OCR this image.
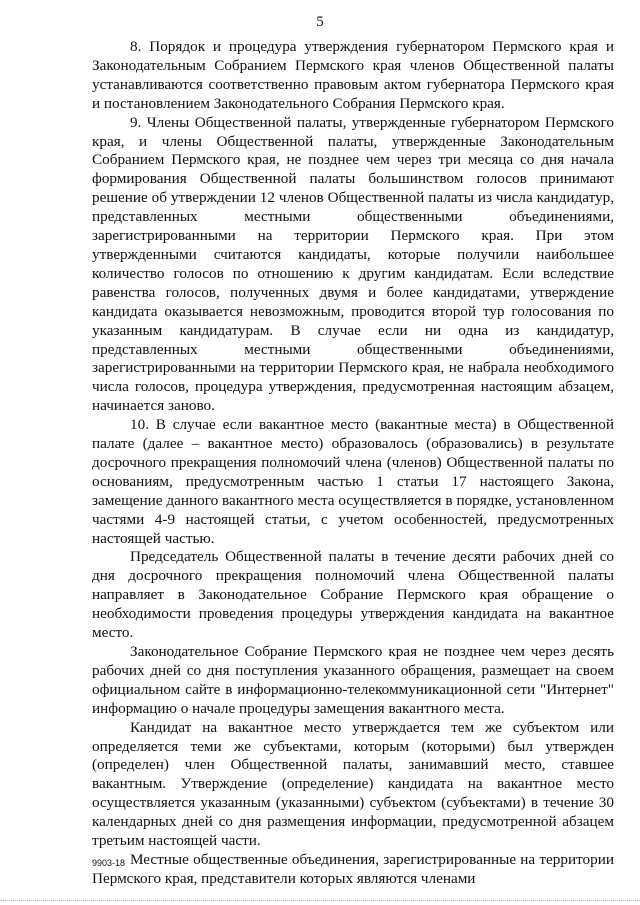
5

8. Порядок и процедура утверждения губернатором Пермского края и Законодательным Собранием Пермского края членов Общественной палаты устанавливаются соответственно правовым актом губернатора Пермского края и постановлением Законодательного Собрания Пермского края.

9. Члены Общественной палаты, утвержденные губернатором Пермского края, и члены Общественной палаты, утвержденные Законодательным Собранием Пермского края, не позднее чем через три месяца со дня начала формирования Общественной палаты большинством голосов принимают решение об утверждении 12 членов Общественной палаты из числа кандидатур, представленных местными общественными объединениями, зарегистрированными на территории Пермского края. При этом утвержденными считаются кандидаты, которые получили наибольшее количество голосов по отношению к другим кандидатам. Если вследствие равенства голосов, полученных двумя и более кандидатами, утверждение кандидата оказывается невозможным, проводится второй тур голосования по указанным кандидатурам. В случае если ни одна из кандидатур, представленных местными общественными объединениями, зарегистрированными на территории Пермского края, не набрала необходимого числа голосов, процедура утверждения, предусмотренная настоящим абзацем, начинается заново.

10. В случае если вакантное место (вакантные места) в Общественной палате (далее – вакантное место) образовалось (образовались) в результате досрочного прекращения полномочий члена (членов) Общественной палаты по основаниям, предусмотренным частью 1 статьи 17 настоящего Закона, замещение данного вакантного места осуществляется в порядке, установленном частями 4-9 настоящей статьи, с учетом особенностей, предусмотренных настоящей частью.

Председатель Общественной палаты в течение десяти рабочих дней со дня досрочного прекращения полномочий члена Общественной палаты направляет в Законодательное Собрание Пермского края обращение о необходимости проведения процедуры утверждения кандидата на вакантное место.

Законодательное Собрание Пермского края не позднее чем через десять рабочих дней со дня поступления указанного обращения, размещает на своем официальном сайте в информационно-телекоммуникационной сети "Интернет" информацию о начале процедуры замещения вакантного места.

Кандидат на вакантное место утверждается тем же субъектом или определяется теми же субъектами, которым (которыми) был утвержден (определен) член Общественной палаты, занимавший место, ставшее вакантным. Утверждение (определение) кандидата на вакантное место осуществляется указанным (указанными) субъектом (субъектами) в течение 30 календарных дней со дня размещения информации, предусмотренной абзацем третьим настоящей части.

Местные общественные объединения, зарегистрированные на территории Пермского края, представители которых являются членами

9903-18
